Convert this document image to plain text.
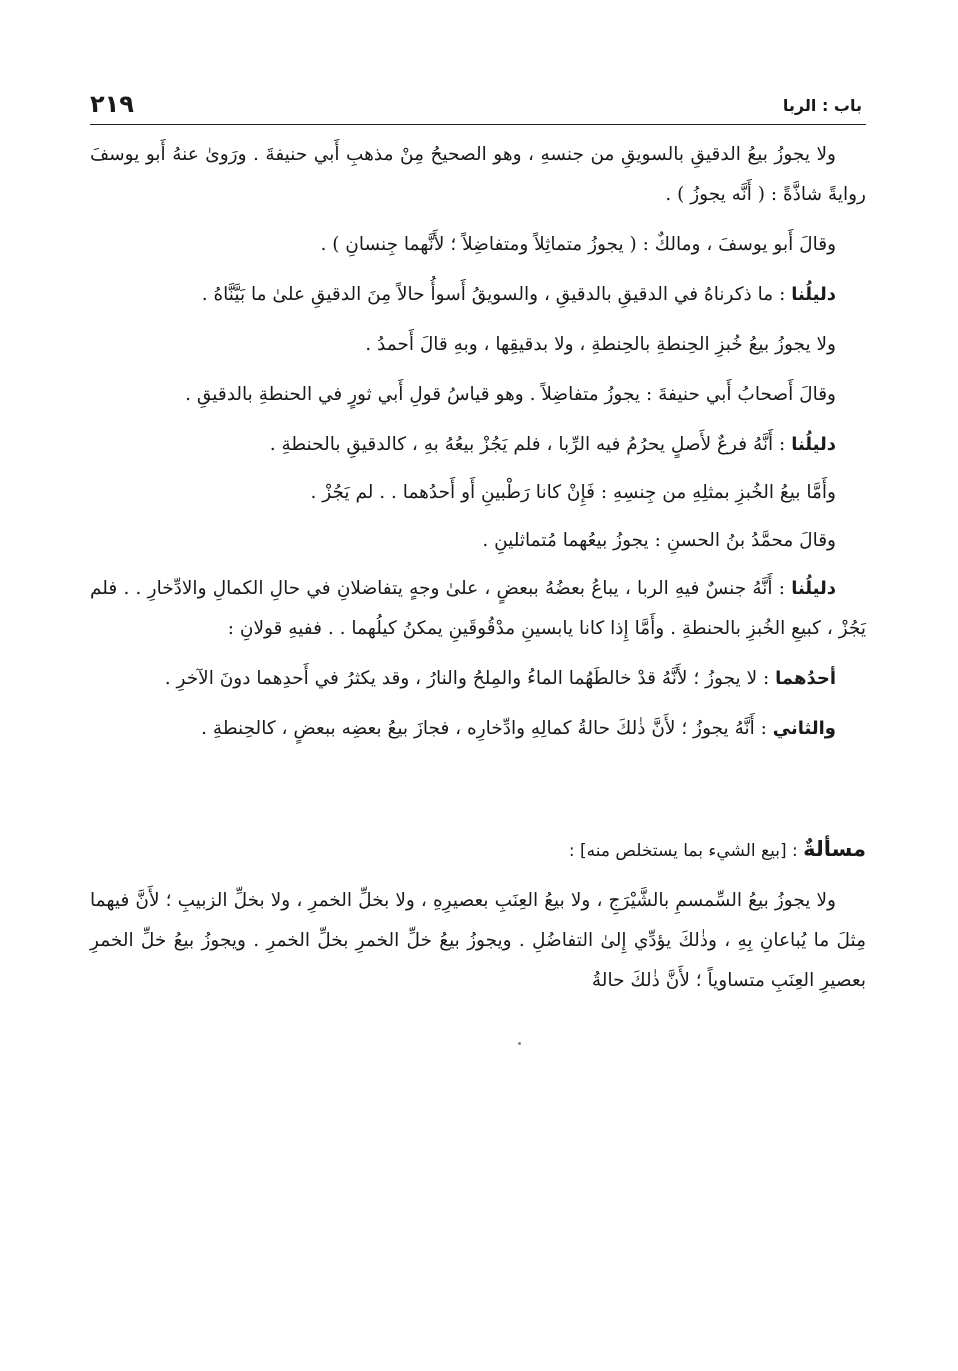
باب : الربا
٢١٩

ولا يجوزُ بيعُ الدقيقِ بالسويقِ من جنسهِ ، وهو الصحيحُ مِنْ مذهبِ أَبي حنيفةَ . ورَوىٰ عنهُ أَبو يوسفَ روايةً شاذَّةً : ( أَنَّه يجوزُ ) .

وقالَ أَبو يوسفَ ، ومالكٌ : ( يجوزُ متماثِلاً ومتفاضِلاً ؛ لأَنَّهما جِنسانِ ) .

دليلُنا : ما ذكرناهُ في الدقيقِ بالدقيقِ ، والسويقُ أَسوأُ حالاً مِنَ الدقيقِ علىٰ ما بَيَّنَّاهُ .

ولا يجوزُ بيعُ خُبزِ الحِنطةِ بالحِنطةِ ، ولا بدقيقِها ، وبهِ قالَ أَحمدُ .

وقالَ أَصحابُ أَبي حنيفةَ : يجوزُ متفاضِلاً . وهو قياسُ قولِ أَبي ثورٍ في الحنطةِ بالدقيقِ .

دليلُنا : أَنَّهُ فرعٌ لأَصلٍ يحرُمُ فيه الرِّبا ، فلم يَجُزْ بيعُهُ بهِ ، كالدقيقِ بالحنطةِ .

وأَمَّا بيعُ الخُبزِ بمثلِهِ من جِنسِهِ : فَإِنْ كانا رَطْبينِ أَو أَحدُهما . . لم يَجُزْ .

وقالَ محمَّدُ بنُ الحسنِ : يجوزُ بيعُهما مُتماثلينِ .

دليلُنا : أَنَّهُ جنسٌ فيهِ الربا ، يباعُ بعضُهُ ببعضٍ ، علىٰ وجهٍ يتفاضلانِ في حالِ الكمالِ والادِّخارِ . . فلم يَجُزْ ، كبيعِ الخُبزِ بالحنطةِ . وأَمَّا إِذا كانا يابسينِ مدْقُوقَينِ يمكنُ كيلُهما . . ففيهِ قولانِ :

أحدُهما : لا يجوزُ ؛ لأَنَّهُ قدْ خالطَهُما الماءُ والمِلحُ والنارُ ، وقد يكثرُ في أَحدِهما دونَ الآخرِ .

والثاني : أَنَّهُ يجوزُ ؛ لأَنَّ ذٰلكَ حالةُ كمالِهِ وادِّخارِه ، فجازَ بيعُ بعضِه ببعضٍ ، كالحِنطةِ .

مسألةٌ : [بيع الشيء بما يستخلص منه] :

ولا يجوزُ بيعُ السِّمسمِ بالشَّيْرَجِ ، ولا بيعُ العِنَبِ بعصيرِهِ ، ولا بخلِّ الخمرِ ، ولا بخلِّ الزبيبِ ؛ لأَنَّ فيهما مِثلَ ما يُباعانِ بِهِ ، وذٰلكَ يؤدِّي إِلىٰ التفاضُلِ . ويجوزُ بيعُ خلِّ الخمرِ بخلِّ الخمرِ . ويجوزُ بيعُ خلِّ الخمرِ بعصيرِ العِنَبِ متساوياً ؛ لأَنَّ ذٰلكَ حالةُ
